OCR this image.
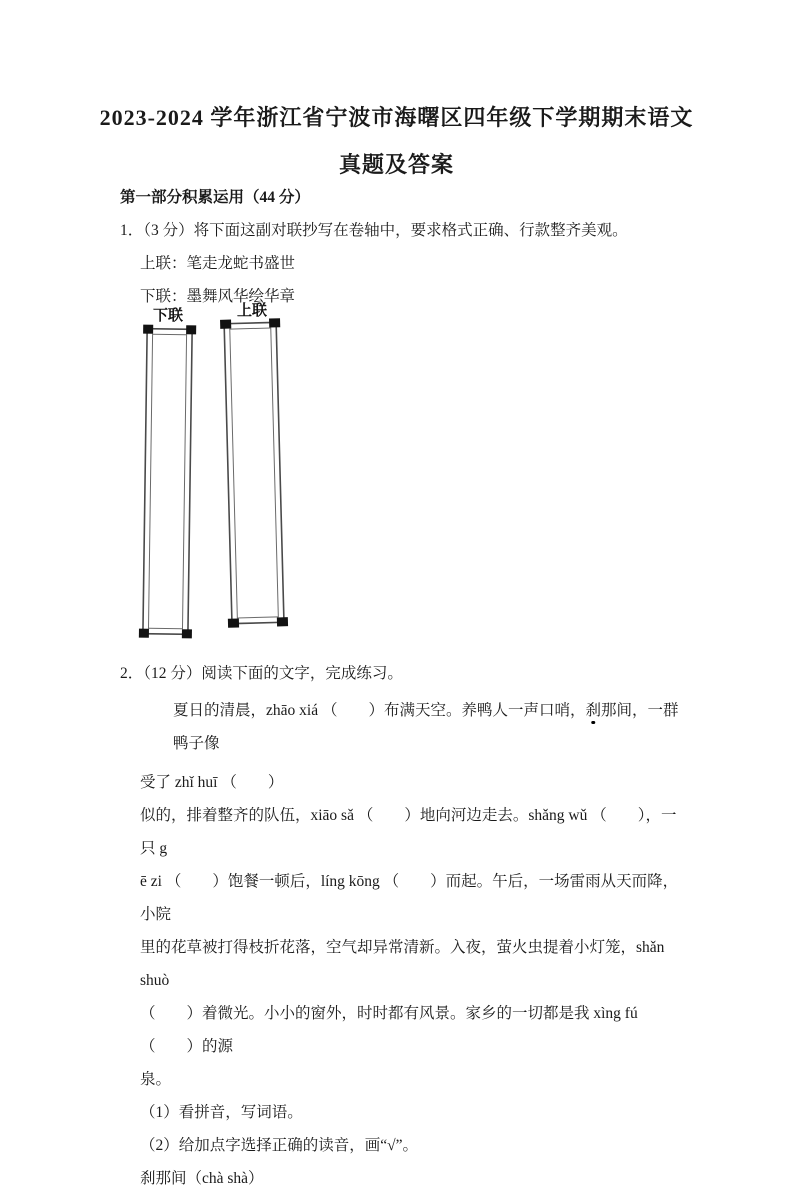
2023-2024 学年浙江省宁波市海曙区四年级下学期期末语文
真题及答案
第一部分积累运用（44 分）
1．（3 分）将下面这副对联抄写在卷轴中，要求格式正确、行款整齐美观。
上联：笔走龙蛇书盛世
下联：墨舞风华绘华章
下联	上联
2．（12 分）阅读下面的文字，完成练习。
夏日的清晨，zhāo xiá （　　）布满天空。养鸭人一声口哨，刹那间，一群鸭子像
受了 zhǐ huī （　　）
似的，排着整齐的队伍，xiāo sǎ （　　）地向河边走去。shǎng wǔ （　　），一只 g
ē zi （　　）饱餐一顿后，líng kōng （　　）而起。午后，一场雷雨从天而降，小院
里的花草被打得枝折花落，空气却异常清新。入夜，萤火虫提着小灯笼，shǎn shuò
（　　）着微光。小小的窗外，时时都有风景。家乡的一切都是我 xìng fú （　　）的源
泉。
（1）看拼音，写词语。
（2）给加点字选择正确的读音，画“√”。
刹那间（chà shà）
